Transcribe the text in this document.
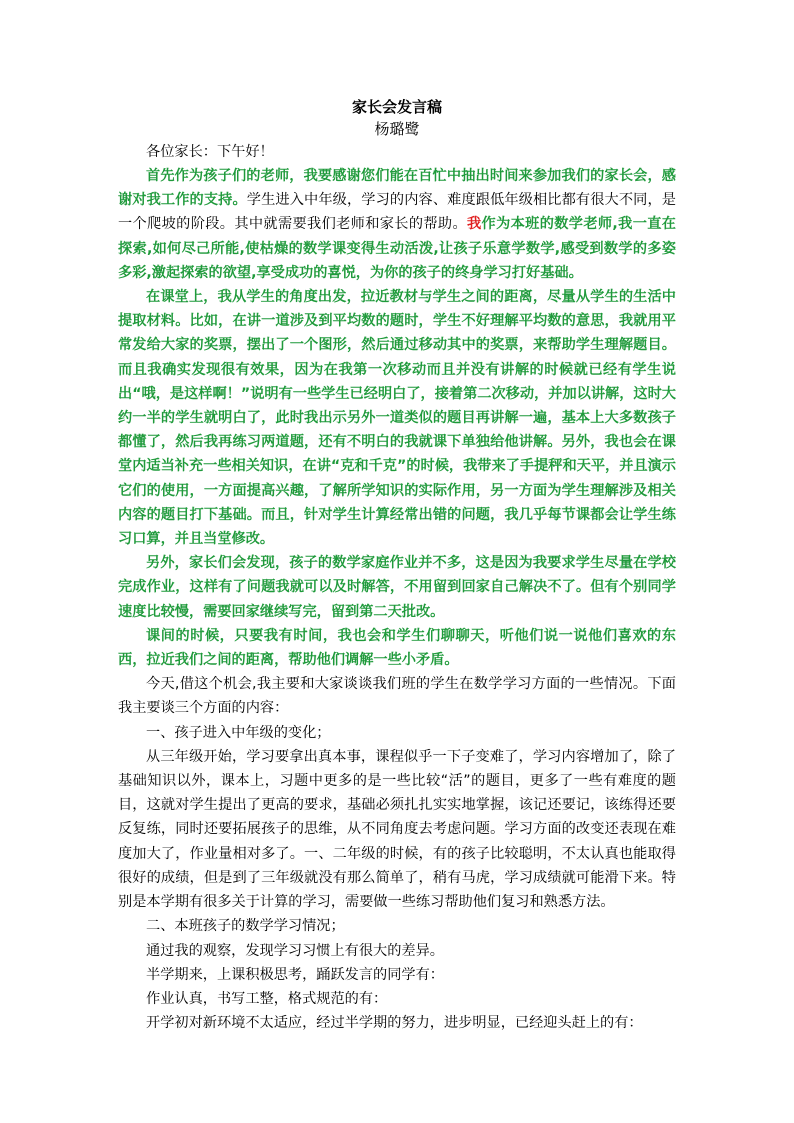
家长会发言稿
杨璐鹭

各位家长：下午好！

首先作为孩子们的老师，我要感谢您们能在百忙中抽出时间来参加我们的家长会，感谢对我工作的支持。学生进入中年级，学习的内容、难度跟低年级相比都有很大不同，是一个爬坡的阶段。其中就需要我们老师和家长的帮助。我作为本班的数学老师,我一直在探索,如何尽己所能,使枯燥的数学课变得生动活泼,让孩子乐意学数学,感受到数学的多姿多彩,激起探索的欲望,享受成功的喜悦，为你的孩子的终身学习打好基础。

在课堂上，我从学生的角度出发，拉近教材与学生之间的距离，尽量从学生的生活中提取材料。比如，在讲一道涉及到平均数的题时，学生不好理解平均数的意思，我就用平常发给大家的奖票，摆出了一个图形，然后通过移动其中的奖票，来帮助学生理解题目。而且我确实发现很有效果，因为在我第一次移动而且并没有讲解的时候就已经有学生说出“哦，是这样啊！”说明有一些学生已经明白了，接着第二次移动，并加以讲解，这时大约一半的学生就明白了，此时我出示另外一道类似的题目再讲解一遍，基本上大多数孩子都懂了，然后我再练习两道题，还有不明白的我就课下单独给他讲解。另外，我也会在课堂内适当补充一些相关知识，在讲“克和千克”的时候，我带来了手提秤和天平，并且演示它们的使用，一方面提高兴趣，了解所学知识的实际作用，另一方面为学生理解涉及相关内容的题目打下基础。而且，针对学生计算经常出错的问题，我几乎每节课都会让学生练习口算，并且当堂修改。

另外，家长们会发现，孩子的数学家庭作业并不多，这是因为我要求学生尽量在学校完成作业，这样有了问题我就可以及时解答，不用留到回家自己解决不了。但有个别同学速度比较慢，需要回家继续写完，留到第二天批改。

课间的时候，只要我有时间，我也会和学生们聊聊天，听他们说一说他们喜欢的东西，拉近我们之间的距离，帮助他们调解一些小矛盾。

今天,借这个机会,我主要和大家谈谈我们班的学生在数学学习方面的一些情况。下面我主要谈三个方面的内容：

一、孩子进入中年级的变化；

从三年级开始，学习要拿出真本事，课程似乎一下子变难了，学习内容增加了，除了基础知识以外，课本上，习题中更多的是一些比较“活”的题目，更多了一些有难度的题目，这就对学生提出了更高的要求，基础必须扎扎实实地掌握，该记还要记，该练得还要反复练，同时还要拓展孩子的思维，从不同角度去考虑问题。学习方面的改变还表现在难度加大了，作业量相对多了。一、二年级的时候，有的孩子比较聪明，不太认真也能取得很好的成绩，但是到了三年级就没有那么简单了，稍有马虎，学习成绩就可能滑下来。特别是本学期有很多关于计算的学习，需要做一些练习帮助他们复习和熟悉方法。

二、本班孩子的数学学习情况；

通过我的观察，发现学习习惯上有很大的差异。

半学期来，上课积极思考，踊跃发言的同学有：

作业认真，书写工整，格式规范的有：

开学初对新环境不太适应，经过半学期的努力，进步明显，已经迎头赶上的有：
